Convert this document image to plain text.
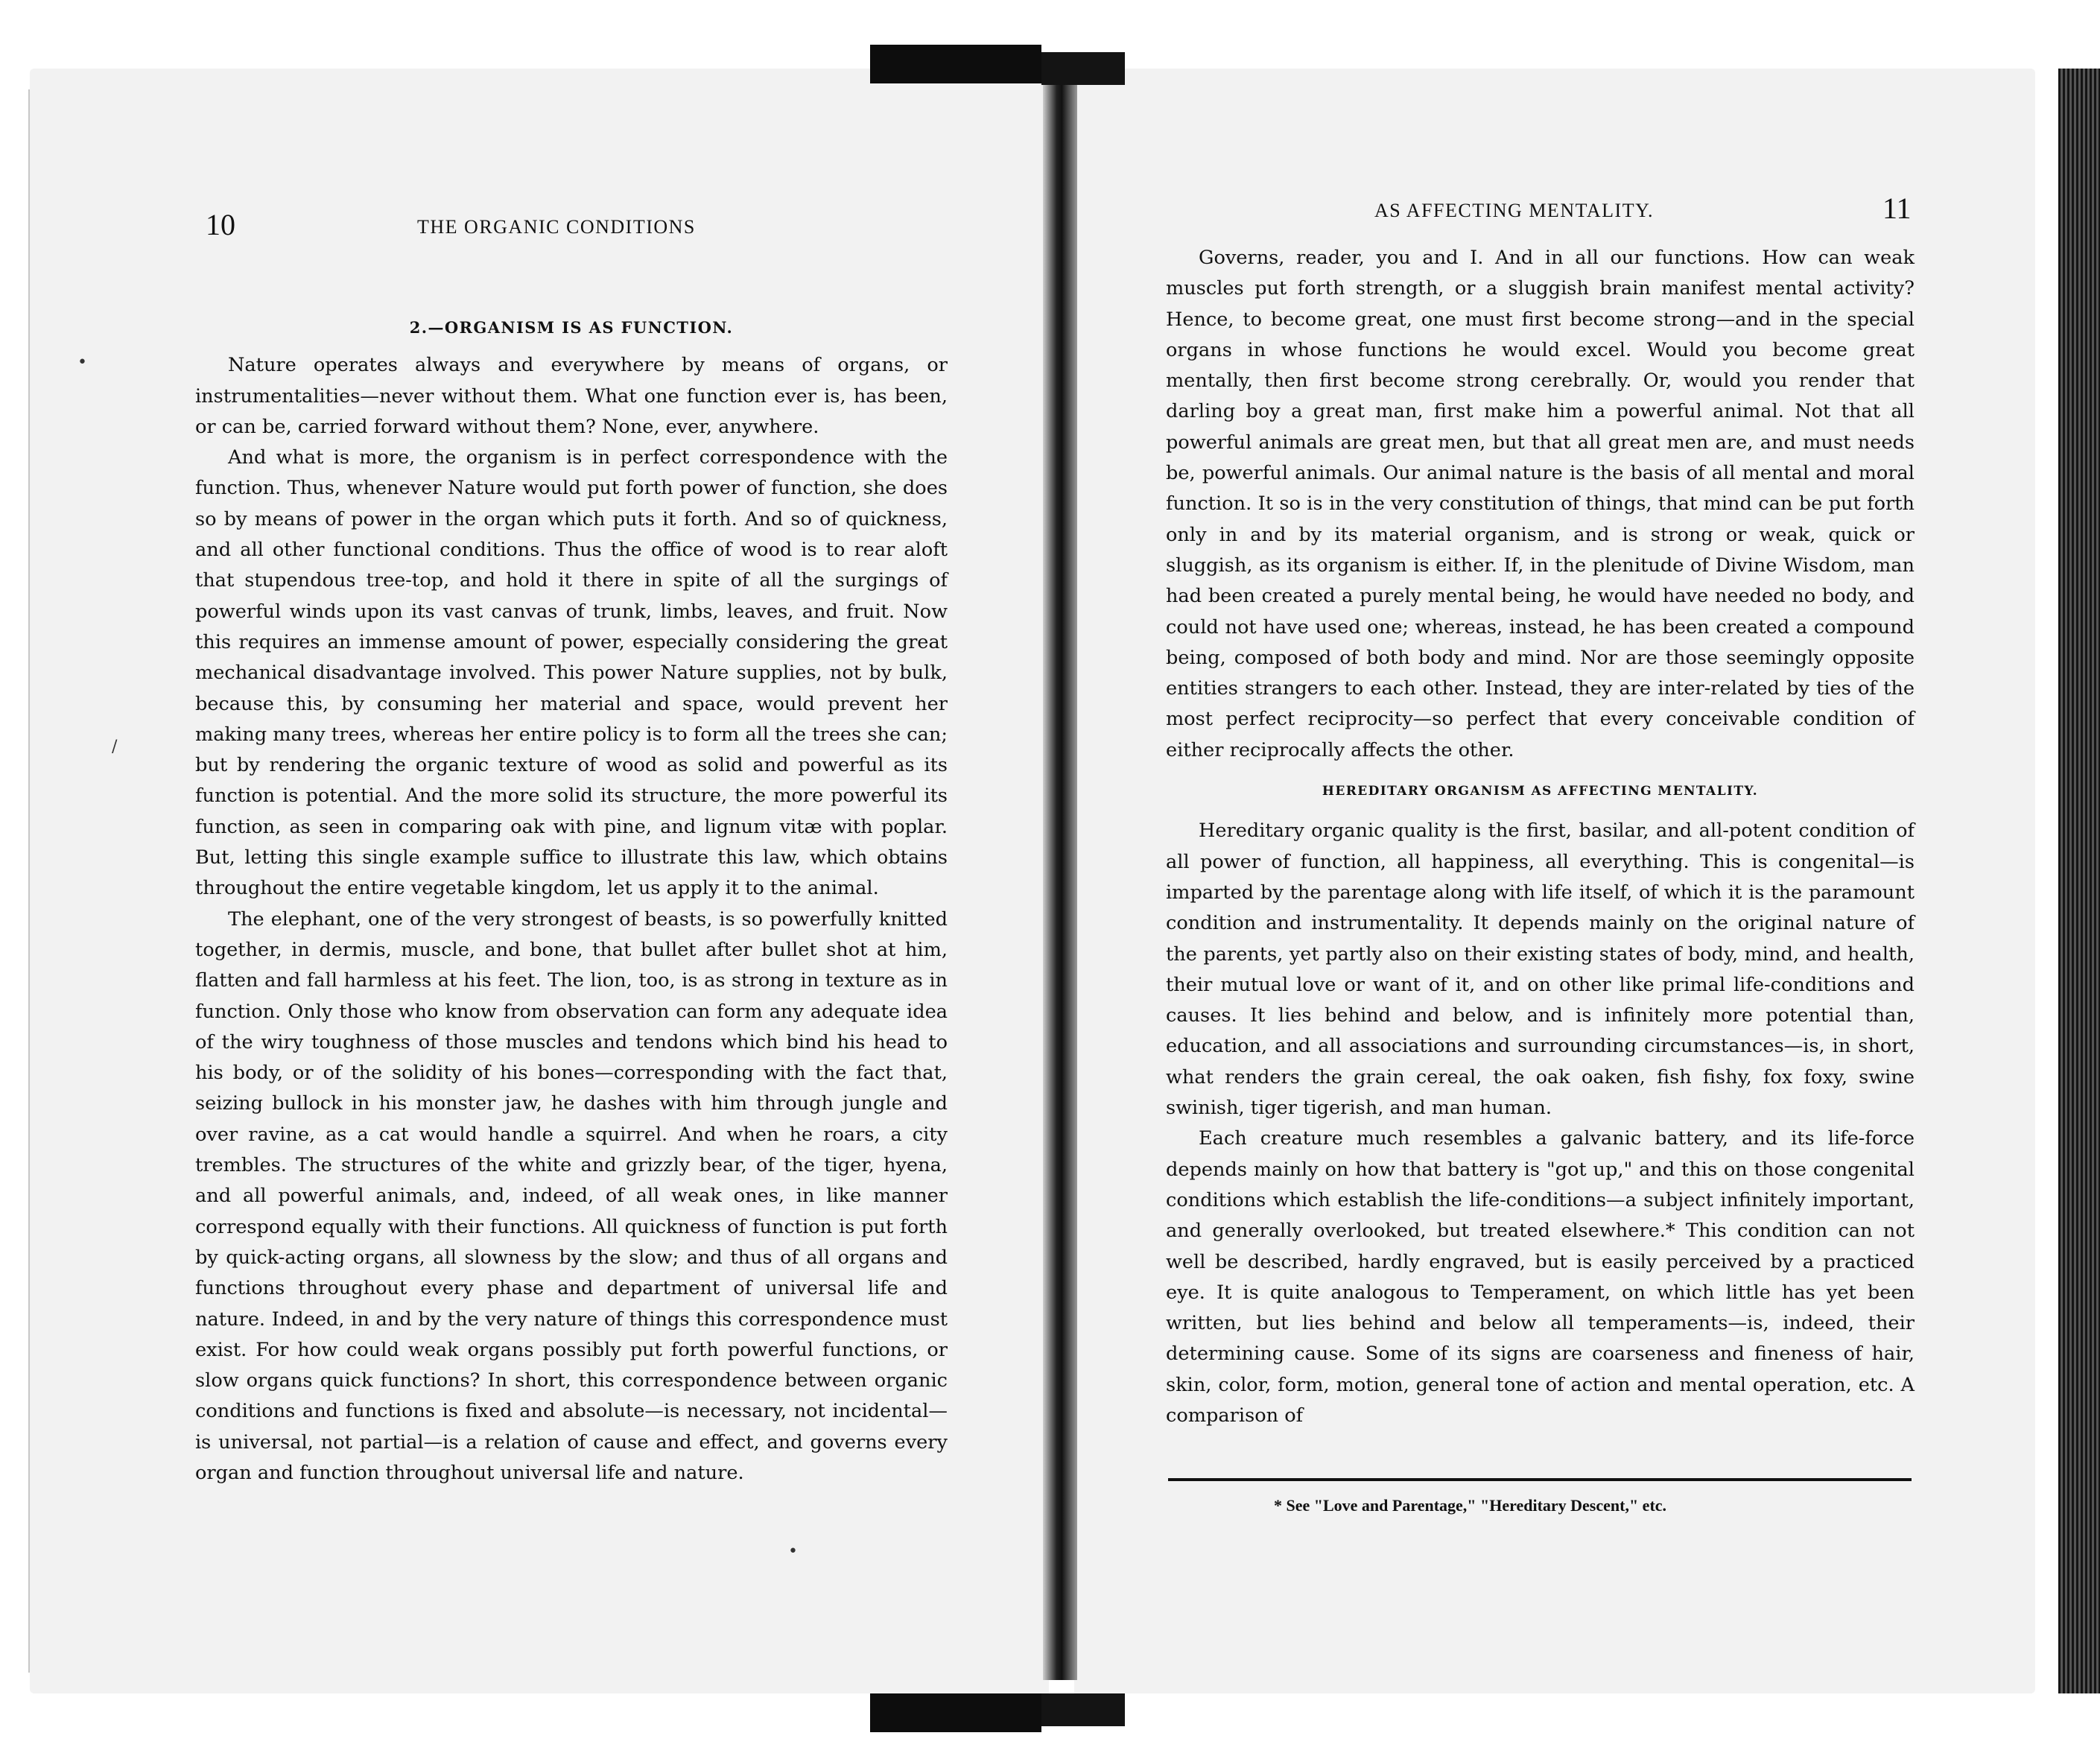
10	THE ORGANIC CONDITIONS
2.—ORGANISM IS AS FUNCTION.

Nature operates always and everywhere by means of organs, or instrumentalities—never without them. What one function ever is, has been, or can be, carried forward without them? None, ever, anywhere.

And what is more, the organism is in perfect correspondence with the function. Thus, whenever Nature would put forth power of function, she does so by means of power in the organ which puts it forth. And so of quickness, and all other functional conditions. Thus the office of wood is to rear aloft that stupendous tree-top, and hold it there in spite of all the surgings of powerful winds upon its vast canvas of trunk, limbs, leaves, and fruit. Now this requires an immense amount of power, especially considering the great mechanical disadvantage involved. This power Nature supplies, not by bulk, because this, by consuming her material and space, would prevent her making many trees, whereas her entire policy is to form all the trees she can; but by rendering the organic texture of wood as solid and powerful as its function is potential. And the more solid its structure, the more powerful its function, as seen in comparing oak with pine, and lignum vitæ with poplar. But, letting this single example suffice to illustrate this law, which obtains throughout the entire vegetable kingdom, let us apply it to the animal.

The elephant, one of the very strongest of beasts, is so powerfully knitted together, in dermis, muscle, and bone, that bullet after bullet shot at him, flatten and fall harmless at his feet. The lion, too, is as strong in texture as in function. Only those who know from observation can form any adequate idea of the wiry toughness of those muscles and tendons which bind his head to his body, or of the solidity of his bones—corresponding with the fact that, seizing bullock in his monster jaw, he dashes with him through jungle and over ravine, as a cat would handle a squirrel. And when he roars, a city trembles. The structures of the white and grizzly bear, of the tiger, hyena, and all powerful animals, and, indeed, of all weak ones, in like manner correspond equally with their functions. All quickness of function is put forth by quick-acting organs, all slowness by the slow; and thus of all organs and functions throughout every phase and department of universal life and nature. Indeed, in and by the very nature of things this correspondence must exist. For how could weak organs possibly put forth powerful functions, or slow organs quick functions? In short, this correspondence between organic conditions and functions is fixed and absolute—is necessary, not incidental—is universal, not partial—is a relation of cause and effect, and governs every organ and function throughout universal life and nature.

AS AFFECTING MENTALITY.	11

Governs, reader, you and I. And in all our functions. How can weak muscles put forth strength, or a sluggish brain manifest mental activity? Hence, to become great, one must first become strong—and in the special organs in whose functions he would excel. Would you become great mentally, then first become strong cerebrally. Or, would you render that darling boy a great man, first make him a powerful animal. Not that all powerful animals are great men, but that all great men are, and must needs be, powerful animals. Our animal nature is the basis of all mental and moral function. It so is in the very constitution of things, that mind can be put forth only in and by its material organism, and is strong or weak, quick or sluggish, as its organism is either. If, in the plenitude of Divine Wisdom, man had been created a purely mental being, he would have needed no body, and could not have used one; whereas, instead, he has been created a compound being, composed of both body and mind. Nor are those seemingly opposite entities strangers to each other. Instead, they are inter-related by ties of the most perfect reciprocity—so perfect that every conceivable condition of either reciprocally affects the other.

HEREDITARY ORGANISM AS AFFECTING MENTALITY.

Hereditary organic quality is the first, basilar, and all-potent condition of all power of function, all happiness, all everything. This is congenital—is imparted by the parentage along with life itself, of which it is the paramount condition and instrumentality. It depends mainly on the original nature of the parents, yet partly also on their existing states of body, mind, and health, their mutual love or want of it, and on other like primal life-conditions and causes. It lies behind and below, and is infinitely more potential than, education, and all associations and surrounding circumstances—is, in short, what renders the grain cereal, the oak oaken, fish fishy, fox foxy, swine swinish, tiger tigerish, and man human.

Each creature much resembles a galvanic battery, and its life-force depends mainly on how that battery is "got up," and this on those congenital conditions which establish the life-conditions—a subject infinitely important, and generally overlooked, but treated elsewhere.* This condition can not well be described, hardly engraved, but is easily perceived by a practiced eye. It is quite analogous to Temperament, on which little has yet been written, but lies behind and below all temperaments—is, indeed, their determining cause. Some of its signs are coarseness and fineness of hair, skin, color, form, motion, general tone of action and mental operation, etc. A comparison of

* See "Love and Parentage," "Hereditary Descent," etc.
•
/
•
